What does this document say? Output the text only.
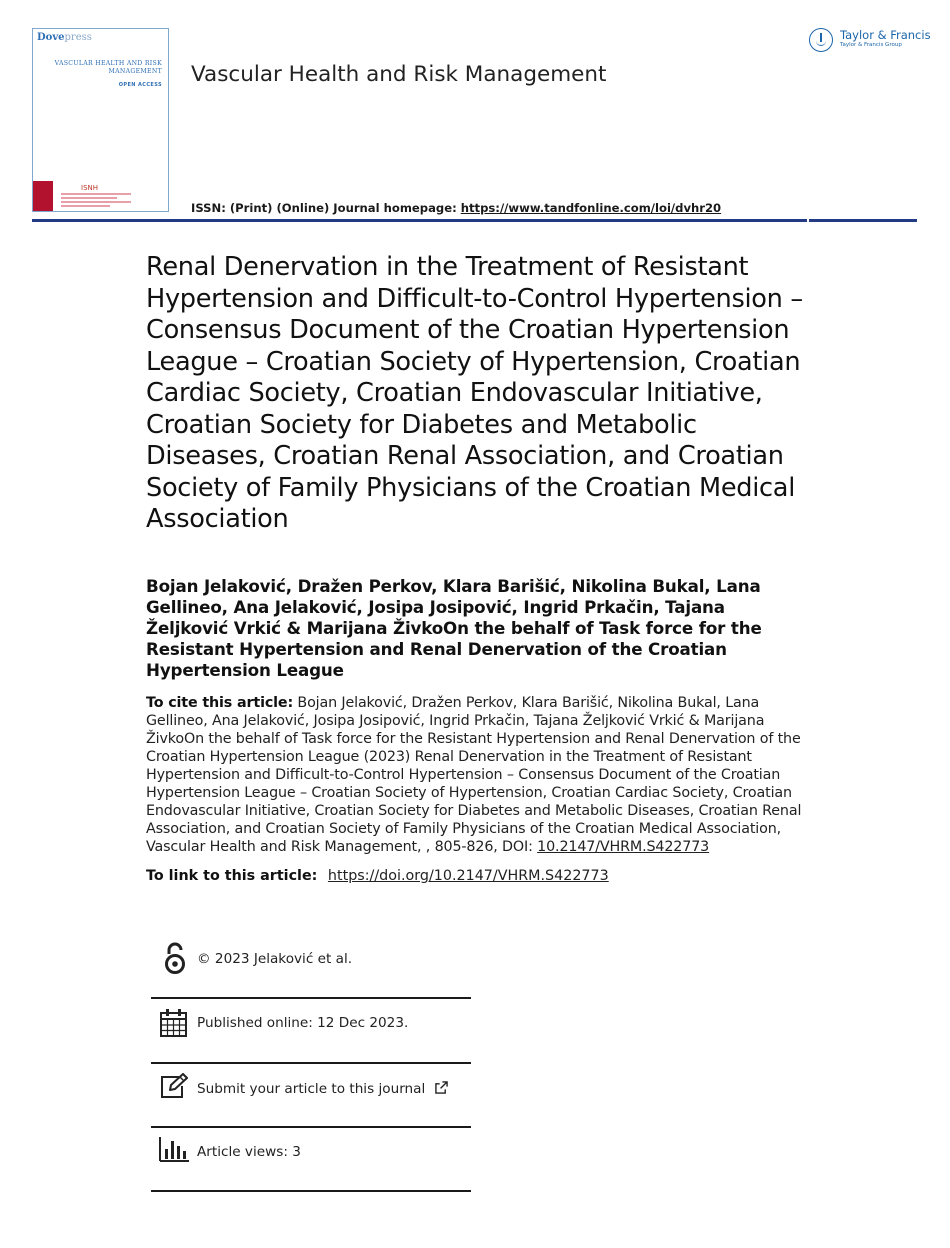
Dovepress
VASCULAR HEALTH AND RISK MANAGEMENT
OPEN ACCESS
ISNH
Vascular Health and Risk Management
Taylor & Francis
Taylor & Francis Group
ISSN: (Print) (Online) Journal homepage: https://www.tandfonline.com/loi/dvhr20
Renal Denervation in the Treatment of Resistant Hypertension and Difficult-to-Control Hypertension – Consensus Document of the Croatian Hypertension League – Croatian Society of Hypertension, Croatian Cardiac Society, Croatian Endovascular Initiative, Croatian Society for Diabetes and Metabolic Diseases, Croatian Renal Association, and Croatian Society of Family Physicians of the Croatian Medical Association
Bojan Jelaković, Dražen Perkov, Klara Barišić, Nikolina Bukal, Lana Gellineo, Ana Jelaković, Josipa Josipović, Ingrid Prkačin, Tajana Željković Vrkić & Marijana ŽivkoOn the behalf of Task force for the Resistant Hypertension and Renal Denervation of the Croatian Hypertension League
To cite this article: Bojan Jelaković, Dražen Perkov, Klara Barišić, Nikolina Bukal, Lana Gellineo, Ana Jelaković, Josipa Josipović, Ingrid Prkačin, Tajana Željković Vrkić & Marijana ŽivkoOn the behalf of Task force for the Resistant Hypertension and Renal Denervation of the Croatian Hypertension League (2023) Renal Denervation in the Treatment of Resistant Hypertension and Difficult-to-Control Hypertension – Consensus Document of the Croatian Hypertension League – Croatian Society of Hypertension, Croatian Cardiac Society, Croatian Endovascular Initiative, Croatian Society for Diabetes and Metabolic Diseases, Croatian Renal Association, and Croatian Society of Family Physicians of the Croatian Medical Association, Vascular Health and Risk Management, , 805-826, DOI: 10.2147/VHRM.S422773
To link to this article: https://doi.org/10.2147/VHRM.S422773
© 2023 Jelaković et al.
Published online: 12 Dec 2023.
Submit your article to this journal
Article views: 3
